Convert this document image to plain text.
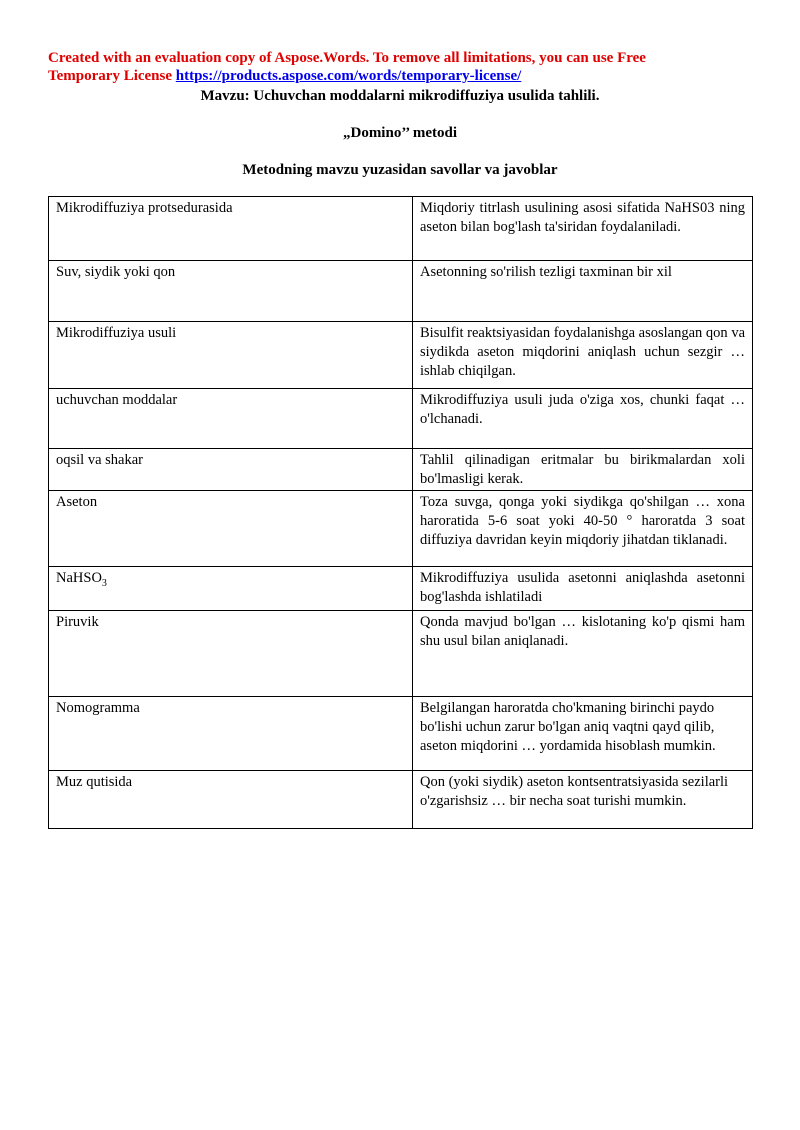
Created with an evaluation copy of Aspose.Words. To remove all limitations, you can use Free
Temporary License https://products.aspose.com/words/temporary-license/
Mavzu: Uchuvchan moddalarni mikrodiffuziya usulida tahlili.
„Domino’’ metodi
Metodning mavzu yuzasidan savollar va javoblar
Mikrodiffuziya protsedurasida	Miqdoriy titrlash usulining asosi sifatida NaHS03 ning aseton bilan bog'lash ta'siridan foydalaniladi.
Suv, siydik yoki qon	Asetonning so'rilish tezligi taxminan bir xil
Mikrodiffuziya usuli	Bisulfit reaktsiyasidan foydalanishga asoslangan qon va siydikda aseton miqdorini aniqlash uchun sezgir … ishlab chiqilgan.
uchuvchan moddalar	Mikrodiffuziya usuli juda o'ziga xos, chunki faqat … o'lchanadi.
oqsil va shakar	Tahlil qilinadigan eritmalar bu birikmalardan xoli bo'lmasligi kerak.
Aseton	Toza suvga, qonga yoki siydikga qo'shilgan … xona haroratida 5-6 soat yoki 40-50 ° haroratda 3 soat diffuziya davridan keyin miqdoriy jihatdan tiklanadi.
NaHSO$_3$	Mikrodiffuziya usulida asetonni aniqlashda asetonni bog'lashda ishlatiladi
Piruvik	Qonda mavjud bo'lgan … kislotaning ko'p qismi ham shu usul bilan aniqlanadi.
Nomogramma	Belgilangan haroratda cho'kmaning birinchi paydo bo'lishi uchun zarur bo'lgan aniq vaqtni qayd qilib, aseton miqdorini … yordamida hisoblash mumkin.
Muz qutisida	Qon (yoki siydik) aseton kontsentratsiyasida sezilarli o'zgarishsiz … bir necha soat turishi mumkin.
